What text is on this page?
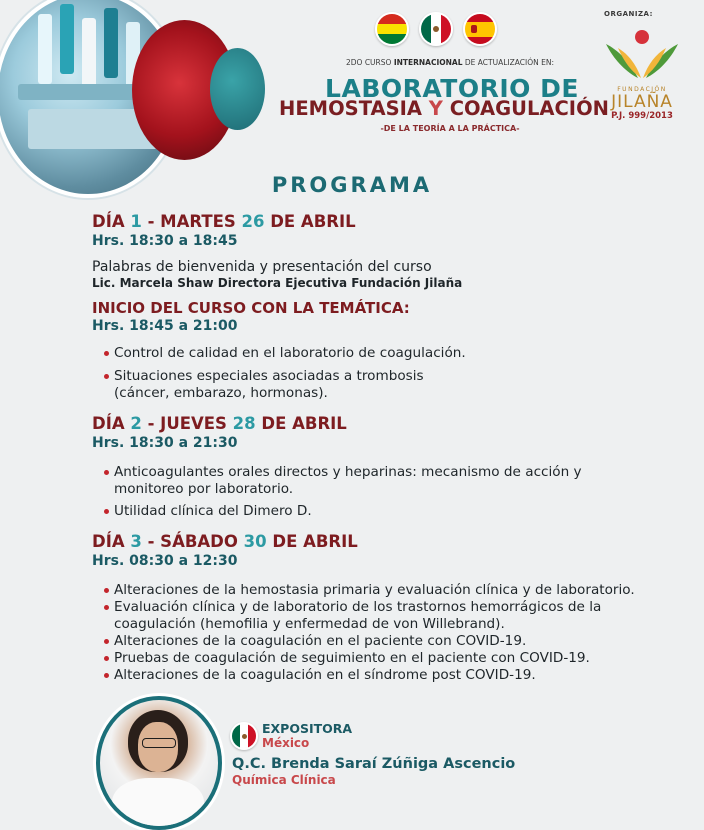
ORGANIZA:
FUNDACIÓN
JILAÑA
P.J. 999/2013
2DO CURSO INTERNACIONAL DE ACTUALIZACIÓN EN:
LABORATORIO DE
HEMOSTASIA Y COAGULACIÓN
-DE LA TEORÍA A LA PRÁCTICA-
PROGRAMA
DÍA 1 - MARTES 26 DE ABRIL
Hrs. 18:30 a 18:45
Palabras de bienvenida y presentación del curso
Lic. Marcela Shaw Directora Ejecutiva Fundación Jilaña
INICIO DEL CURSO CON LA TEMÁTICA:
Hrs. 18:45 a 21:00
Control de calidad en el laboratorio de coagulación.
Situaciones especiales asociadas a trombosis (cáncer, embarazo, hormonas).
DÍA 2 - JUEVES 28 DE ABRIL
Hrs. 18:30 a 21:30
Anticoagulantes orales directos y heparinas: mecanismo de acción y monitoreo por laboratorio.
Utilidad clínica del Dimero D.
DÍA 3 - SÁBADO 30 DE ABRIL
Hrs. 08:30 a 12:30
Alteraciones de la hemostasia primaria y evaluación clínica y de laboratorio.
Evaluación clínica y de laboratorio de los trastornos hemorrágicos de la coagulación (hemofilia y enfermedad de von Willebrand).
Alteraciones de la coagulación en el paciente con COVID-19.
Pruebas de coagulación de seguimiento en el paciente con COVID-19.
Alteraciones de la coagulación en el síndrome post COVID-19.
EXPOSITORA
México
Q.C. Brenda Saraí Zúñiga Ascencio
Química Clínica
